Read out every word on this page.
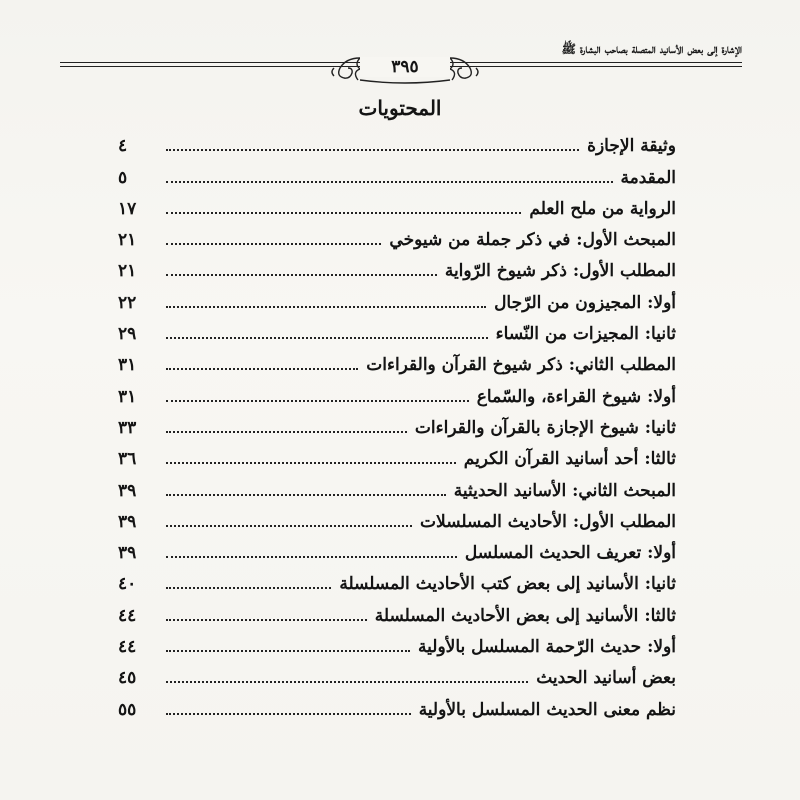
الإشارة إلى بعض الأسانيد المتصلة بصاحب البشارة ﷺ
٣٩٥
المحتويات
وثيقة الإجازة
٤
المقدمة
٥
الرواية من ملح العلم
١٧
المبحث الأول: في ذكر جملة من شيوخي
٢١
المطلب الأول: ذكر شيوخ الرّواية
٢١
أولا: المجيزون من الرّجال
٢٢
ثانيا: المجيزات من النّساء
٢٩
المطلب الثاني: ذكر شيوخ القرآن والقراءات
٣١
أولا: شيوخ القراءة، والسّماع
٣١
ثانيا: شيوخ الإجازة بالقرآن والقراءات
٣٣
ثالثا: أحد أسانيد القرآن الكريم
٣٦
المبحث الثاني: الأسانيد الحديثية
٣٩
المطلب الأول: الأحاديث المسلسلات
٣٩
أولا: تعريف الحديث المسلسل
٣٩
ثانيا: الأسانيد إلى بعض كتب الأحاديث المسلسلة
٤٠
ثالثا: الأسانيد إلى بعض الأحاديث المسلسلة
٤٤
أولا: حديث الرّحمة المسلسل بالأولية
٤٤
بعض أسانيد الحديث
٤٥
نظم معنى الحديث المسلسل بالأولية
٥٥
